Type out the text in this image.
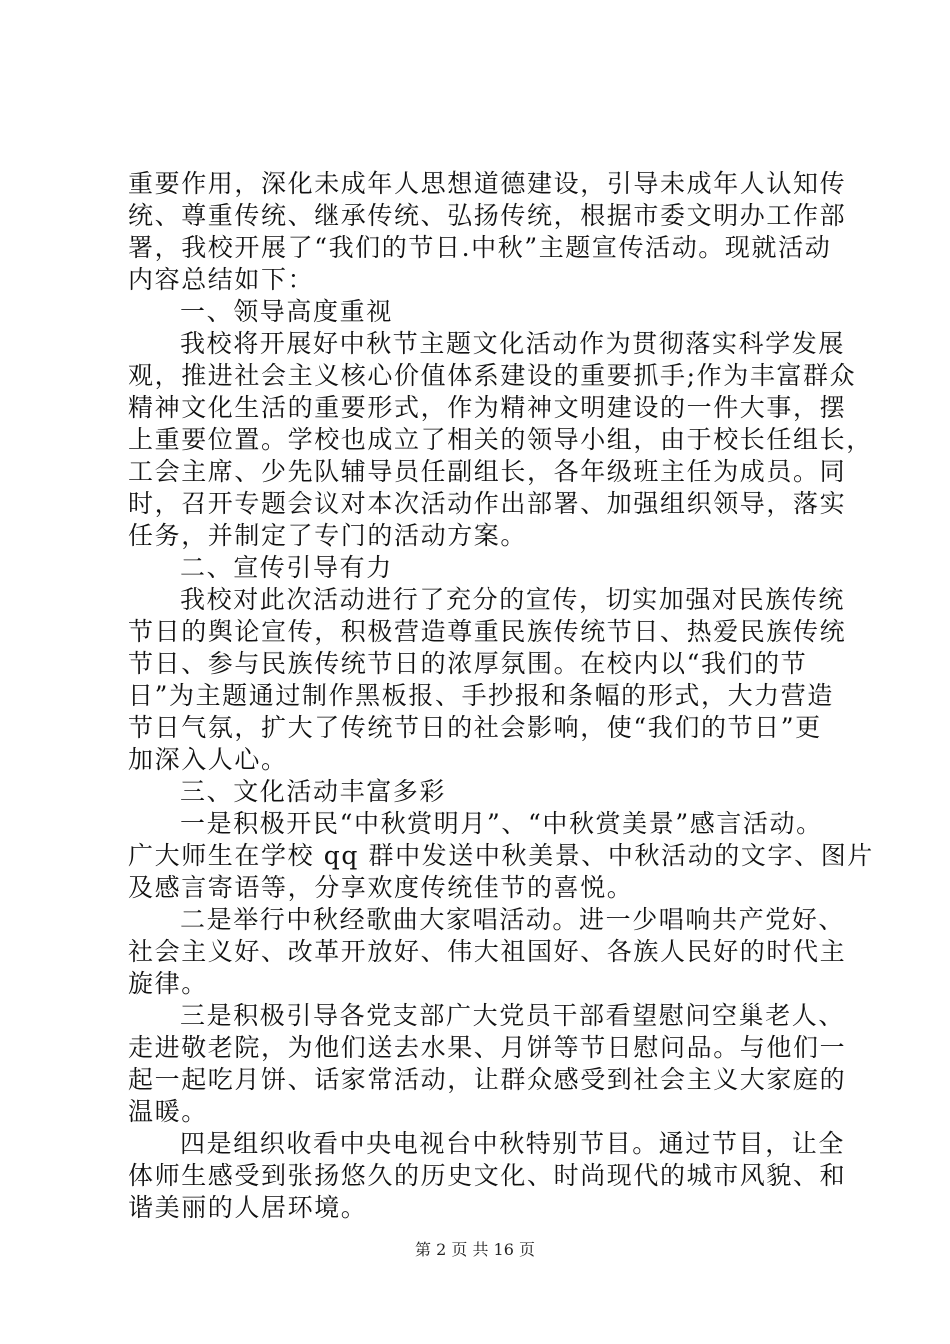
重要作用，深化未成年人思想道德建设，引导未成年人认知传
统、尊重传统、继承传统、弘扬传统，根据市委文明办工作部
署，我校开展了“我们的节日.中秋”主题宣传活动。现就活动
内容总结如下：
一、领导高度重视
我校将开展好中秋节主题文化活动作为贯彻落实科学发展
观，推进社会主义核心价值体系建设的重要抓手;作为丰富群众
精神文化生活的重要形式，作为精神文明建设的一件大事，摆
上重要位置。学校也成立了相关的领导小组，由于校长任组长，
工会主席、少先队辅导员任副组长，各年级班主任为成员。同
时，召开专题会议对本次活动作出部署、加强组织领导，落实
任务，并制定了专门的活动方案。
二、宣传引导有力
我校对此次活动进行了充分的宣传，切实加强对民族传统
节日的舆论宣传，积极营造尊重民族传统节日、热爱民族传统
节日、参与民族传统节日的浓厚氛围。在校内以“我们的节
日”为主题通过制作黑板报、手抄报和条幅的形式，大力营造
节日气氛，扩大了传统节日的社会影响，使“我们的节日”更
加深入人心。
三、文化活动丰富多彩
一是积极开民“中秋赏明月”、“中秋赏美景”感言活动。
广大师生在学校 qq 群中发送中秋美景、中秋活动的文字、图片
及感言寄语等，分享欢度传统佳节的喜悦。
二是举行中秋经歌曲大家唱活动。进一少唱响共产党好、
社会主义好、改革开放好、伟大祖国好、各族人民好的时代主
旋律。
三是积极引导各党支部广大党员干部看望慰问空巢老人、
走进敬老院，为他们送去水果、月饼等节日慰问品。与他们一
起一起吃月饼、话家常活动，让群众感受到社会主义大家庭的
温暖。
四是组织收看中央电视台中秋特别节目。通过节目，让全
体师生感受到张扬悠久的历史文化、时尚现代的城市风貌、和
谐美丽的人居环境。
第 2 页 共 16 页
